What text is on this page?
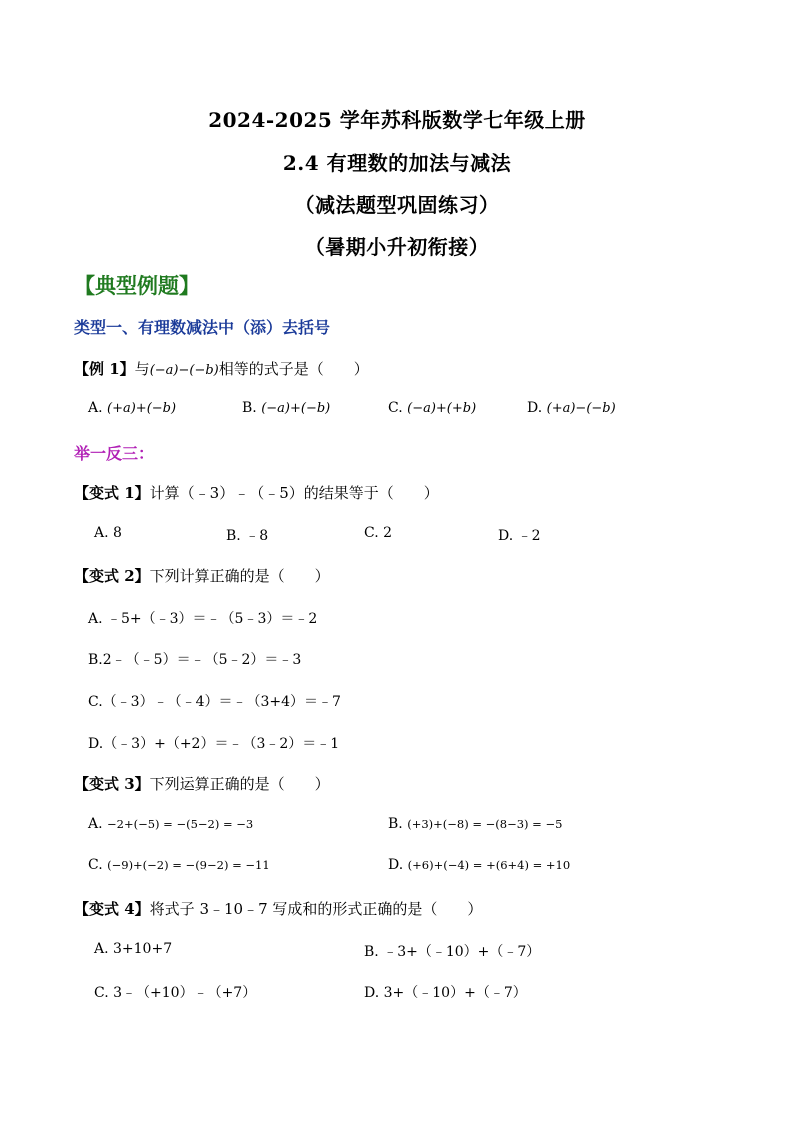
2024-2025 学年苏科版数学七年级上册
2.4 有理数的加法与减法
（减法题型巩固练习）
（暑期小升初衔接）
【典型例题】
类型一、有理数减法中（添）去括号
【例 1】与(−a)−(−b)相等的式子是（　　）
A. (+a)+(−b)	B. (−a)+(−b)	C. (−a)+(+b)	D. (+a)−(−b)
举一反三：
【变式 1】计算（﹣3）﹣（﹣5）的结果等于（　　）
A. 8	B. ﹣8	C. 2	D. ﹣2
【变式 2】下列计算正确的是（　　）
A. ﹣5+（﹣3）＝﹣（5﹣3）＝﹣2
B.2﹣（﹣5）＝﹣（5﹣2）＝﹣3
C.（﹣3）﹣（﹣4）＝﹣（3+4）＝﹣7
D.（﹣3）+（+2）＝﹣（3﹣2）＝﹣1
【变式 3】下列运算正确的是（　　）
A. −2+(−5) = −(5−2) = −3	B. (+3)+(−8) = −(8−3) = −5
C. (−9)+(−2) = −(9−2) = −11	D. (+6)+(−4) = +(6+4) = +10
【变式 4】将式子 3﹣10﹣7 写成和的形式正确的是（　　）
A. 3+10+7	B. ﹣3+（﹣10）+（﹣7）
C. 3﹣（+10）﹣（+7）	D. 3+（﹣10）+（﹣7）
